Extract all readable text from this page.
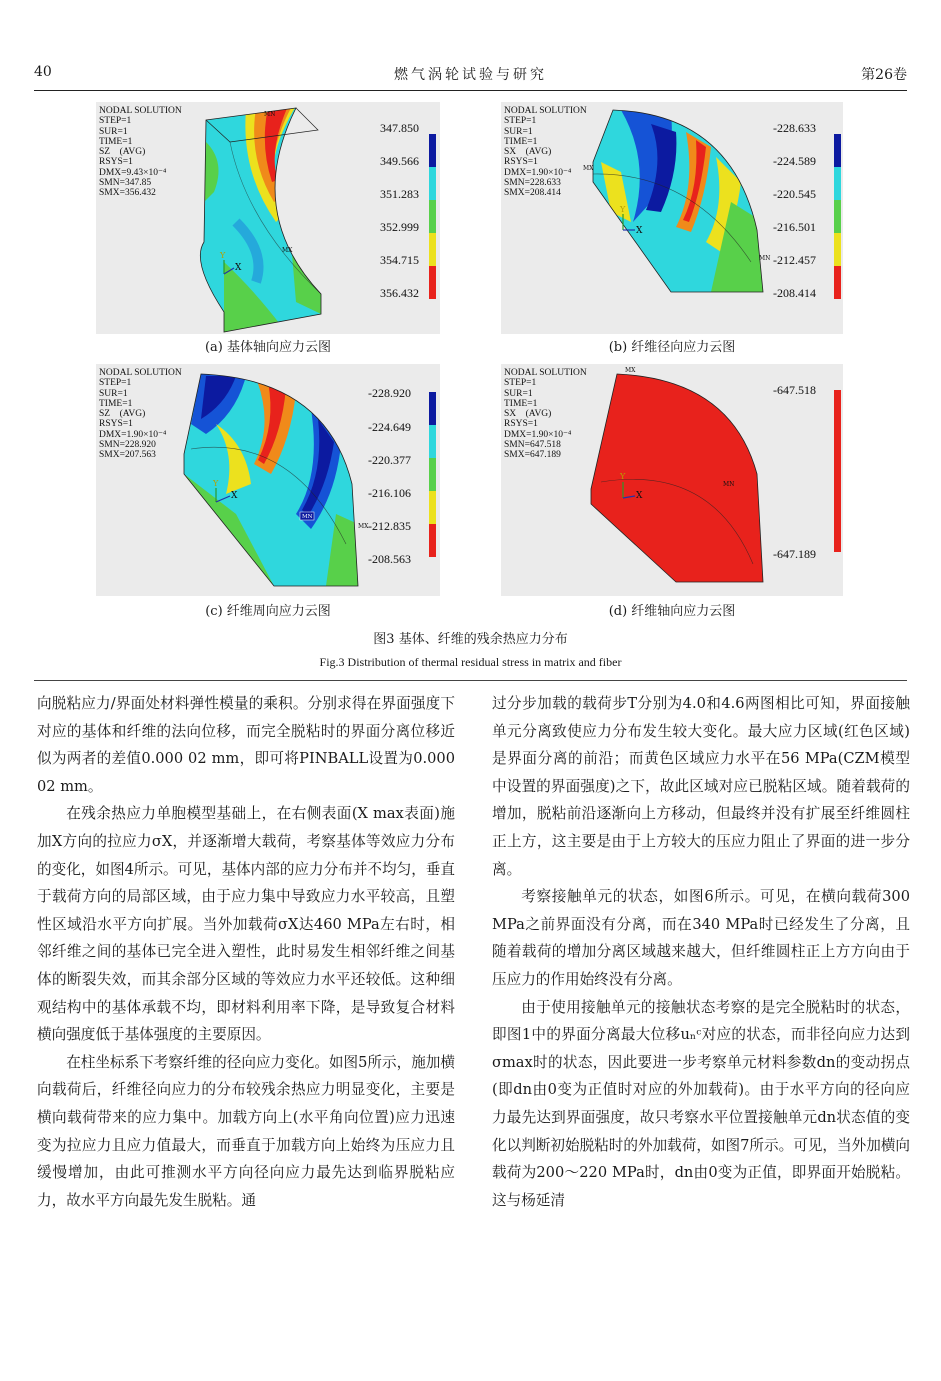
40	燃气涡轮试验与研究	第26卷
NODAL SOLUTION
STEP=1
SUR=1
TIME=1
SZ    (AVG)
RSYS=1
DMX=9.43×10⁻⁴
SMN=347.85
SMX=356.432
MN
MX
Y
X
347.850
349.566
351.283
352.999
354.715
356.432
(a) 基体轴向应力云图
NODAL SOLUTION
STEP=1
SUR=1
TIME=1
SX    (AVG)
RSYS=1
DMX=1.90×10⁻⁴
SMN=228.633
SMX=208.414
MX
MN
Y
X
-228.633
-224.589
-220.545
-216.501
-212.457
-208.414
(b) 纤维径向应力云图
NODAL SOLUTION
STEP=1
SUR=1
TIME=1
SZ    (AVG)
RSYS=1
DMX=1.90×10⁻⁴
SMN=228.920
SMX=207.563
MN
MX
Y
X
-228.920
-224.649
-220.377
-216.106
-212.835
-208.563
(c) 纤维周向应力云图
NODAL SOLUTION
STEP=1
SUR=1
TIME=1
SX    (AVG)
RSYS=1
DMX=1.90×10⁻⁴
SMN=647.518
SMX=647.189
MX
MN
Y
X
-647.518
-647.189
(d) 纤维轴向应力云图
图3 基体、纤维的残余热应力分布
Fig.3 Distribution of thermal residual stress in matrix and fiber

向脱粘应力/界面处材料弹性模量的乘积。分别求得在界面强度下对应的基体和纤维的法向位移，而完全脱粘时的界面分离位移近似为两者的差值0.000 02 mm，即可将PINBALL设置为0.000 02 mm。

在残余热应力单胞模型基础上，在右侧表面(X max表面)施加X方向的拉应力σX，并逐渐增大载荷，考察基体等效应力分布的变化，如图4所示。可见，基体内部的应力分布并不均匀，垂直于载荷方向的局部区域，由于应力集中导致应力水平较高，且塑性区域沿水平方向扩展。当外加载荷σX达460 MPa左右时，相邻纤维之间的基体已完全进入塑性，此时易发生相邻纤维之间基体的断裂失效，而其余部分区域的等效应力水平还较低。这种细观结构中的基体承载不均，即材料利用率下降，是导致复合材料横向强度低于基体强度的主要原因。

在柱坐标系下考察纤维的径向应力变化。如图5所示，施加横向载荷后，纤维径向应力的分布较残余热应力明显变化，主要是横向载荷带来的应力集中。加载方向上(水平角向位置)应力迅速变为拉应力且应力值最大，而垂直于加载方向上始终为压应力且缓慢增加，由此可推测水平方向径向应力最先达到临界脱粘应力，故水平方向最先发生脱粘。通

过分步加载的载荷步T分别为4.0和4.6两图相比可知，界面接触单元分离致使应力分布发生较大变化。最大应力区域(红色区域)是界面分离的前沿；而黄色区域应力水平在56 MPa(CZM模型中设置的界面强度)之下，故此区域对应已脱粘区域。随着载荷的增加，脱粘前沿逐渐向上方移动，但最终并没有扩展至纤维圆柱正上方，这主要是由于上方较大的压应力阻止了界面的进一步分离。

考察接触单元的状态，如图6所示。可见，在横向载荷300 MPa之前界面没有分离，而在340 MPa时已经发生了分离，且随着载荷的增加分离区域越来越大，但纤维圆柱正上方方向由于压应力的作用始终没有分离。

由于使用接触单元的接触状态考察的是完全脱粘时的状态，即图1中的界面分离最大位移uₙᶜ对应的状态，而非径向应力达到σmax时的状态，因此要进一步考察单元材料参数dn的变动拐点(即dn由0变为正值时对应的外加载荷)。由于水平方向的径向应力最先达到界面强度，故只考察水平位置接触单元dn状态值的变化以判断初始脱粘时的外加载荷，如图7所示。可见，当外加横向载荷为200～220 MPa时，dn由0变为正值，即界面开始脱粘。这与杨延清
